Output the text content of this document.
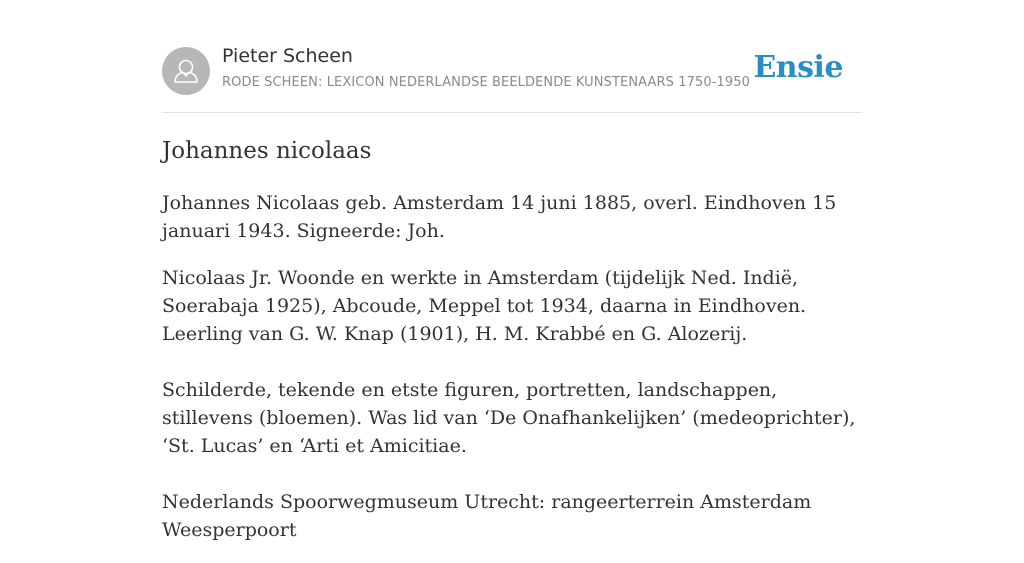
Pieter Scheen
RODE SCHEEN: LEXICON NEDERLANDSE BEELDENDE KUNSTENAARS 1750-1950 Ensie
Johannes nicolaas

Johannes Nicolaas geb. Amsterdam 14 juni 1885, overl. Eindhoven 15 januari 1943. Signeerde: Joh.

Nicolaas Jr. Woonde en werkte in Amsterdam (tijdelijk Ned. Indië, Soerabaja 1925), Abcoude, Meppel tot 1934, daarna in Eindhoven. Leerling van G. W. Knap (1901), H. M. Krabbé en G. Alozerij.

Schilderde, tekende en etste figuren, portretten, landschappen, stillevens (bloemen). Was lid van ‘De Onafhankelijken’ (medeoprichter), ‘St. Lucas’ en ‘Arti et Amicitiae.

Nederlands Spoorwegmuseum Utrecht: rangeerterrein Amsterdam Weesperpoort
